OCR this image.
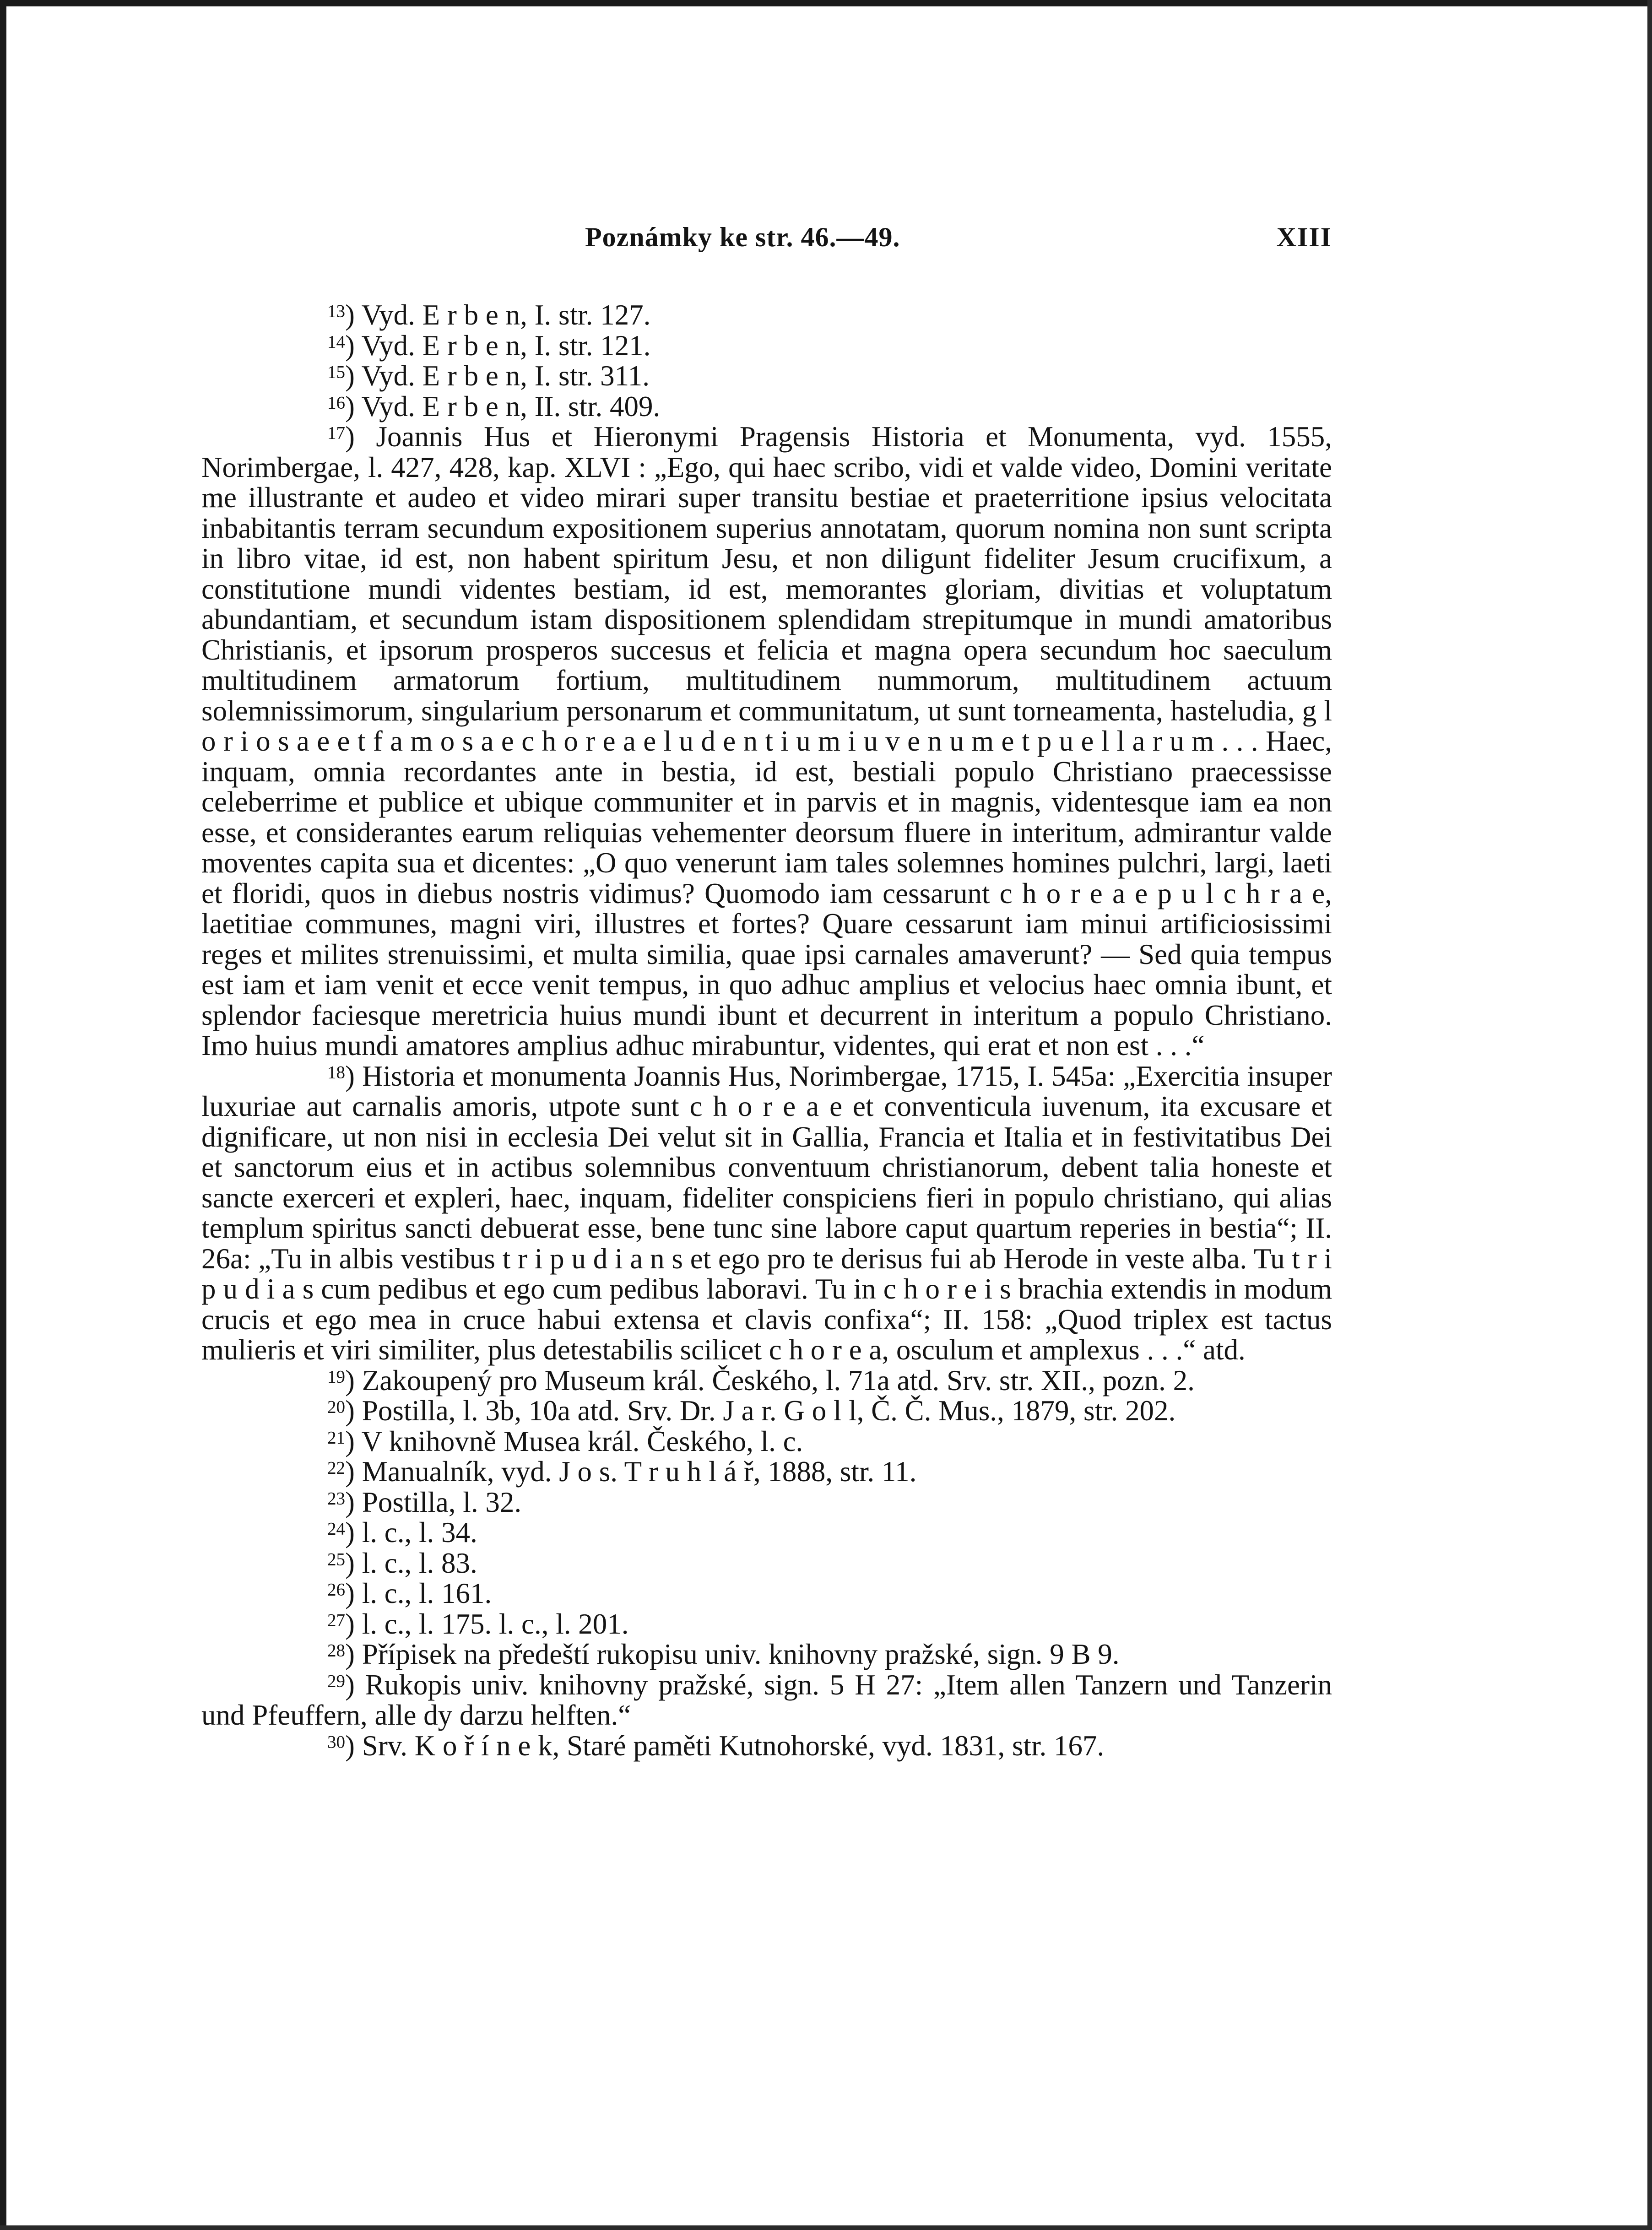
Poznámky ke str. 46.—49.	XIII
$^{13}$) Vyd. E r b e n, I. str. 127.
$^{14}$) Vyd. E r b e n, I. str. 121.
$^{15}$) Vyd. E r b e n, I. str. 311.
$^{16}$) Vyd. E r b e n, II. str. 409.
$^{17}$) Joannis Hus et Hieronymi Pragensis Historia et Monumenta, vyd. 1555, Norimbergae, l. 427, 428, kap. XLVI : „Ego, qui haec scribo, vidi et valde video, Domini veritate me illustrante et audeo et video mirari super transitu bestiae et praeterritione ipsius velocitata inbabitantis terram secundum expositionem superius annotatam, quorum nomina non sunt scripta in libro vitae, id est, non habent spiritum Jesu, et non diligunt fideliter Jesum crucifixum, a constitutione mundi videntes bestiam, id est, memorantes gloriam, divitias et voluptatum abundantiam, et secundum istam dispositionem splendidam strepitumque in mundi amatoribus Christianis, et ipsorum prosperos succesus et felicia et magna opera secundum hoc saeculum multitudinem armatorum fortium, multitudinem nummorum, multitudinem actuum solemnissimorum, singularium personarum et communitatum, ut sunt torneamenta, hasteludia, g l o r i o s a e e t f a m o s a e c h o r e a e l u d e n t i u m i u v e n u m e t p u e l l a r u m . . . Haec, inquam, omnia recordantes ante in bestia, id est, bestiali populo Christiano praecessisse celeberrime et publice et ubique communiter et in parvis et in magnis, videntesque iam ea non esse, et considerantes earum reliquias vehementer deorsum fluere in interitum, admirantur valde moventes capita sua et dicentes: „O quo venerunt iam tales solemnes homines pulchri, largi, laeti et floridi, quos in diebus nostris vidimus? Quomodo iam cessarunt c h o r e a e p u l c h r a e, laetitiae communes, magni viri, illustres et fortes? Quare cessarunt iam minui artificiosissimi reges et milites strenuissimi, et multa similia, quae ipsi carnales amaverunt? — Sed quia tempus est iam et iam venit et ecce venit tempus, in quo adhuc amplius et velocius haec omnia ibunt, et splendor faciesque meretricia huius mundi ibunt et decurrent in interitum a populo Christiano. Imo huius mundi amatores amplius adhuc mirabuntur, videntes, qui erat et non est . . .“
$^{18}$) Historia et monumenta Joannis Hus, Norimbergae, 1715, I. 545a: „Exercitia insuper luxuriae aut carnalis amoris, utpote sunt c h o r e a e et conventicula iuvenum, ita excusare et dignificare, ut non nisi in ecclesia Dei velut sit in Gallia, Francia et Italia et in festivitatibus Dei et sanctorum eius et in actibus solemnibus conventuum christianorum, debent talia honeste et sancte exerceri et expleri, haec, inquam, fideliter conspiciens fieri in populo christiano, qui alias templum spiritus sancti debuerat esse, bene tunc sine labore caput quartum reperies in bestia“; II. 26a: „Tu in albis vestibus t r i p u d i a n s et ego pro te derisus fui ab Herode in veste alba. Tu t r i p u d i a s cum pedibus et ego cum pedibus laboravi. Tu in c h o r e i s brachia extendis in modum crucis et ego mea in cruce habui extensa et clavis confixa“; II. 158: „Quod triplex est tactus mulieris et viri similiter, plus detestabilis scilicet c h o r e a, osculum et amplexus . . .“ atd.
$^{19}$) Zakoupený pro Museum král. Českého, l. 71a atd. Srv. str. XII., pozn. 2.
$^{20}$) Postilla, l. 3b, 10a atd. Srv. Dr. J a r. G o l l, Č. Č. Mus., 1879, str. 202.
$^{21}$) V knihovně Musea král. Českého, l. c.
$^{22}$) Manualník, vyd. J o s. T r u h l á ř, 1888, str. 11.
$^{23}$) Postilla, l. 32.
$^{24}$) l. c., l. 34.
$^{25}$) l. c., l. 83.
$^{26}$) l. c., l. 161.
$^{27}$) l. c., l. 175. l. c., l. 201.
$^{28}$) Přípisek na předeští rukopisu univ. knihovny pražské, sign. 9 B 9.
$^{29}$) Rukopis univ. knihovny pražské, sign. 5 H 27: „Item allen Tanzern und Tanzerin und Pfeuffern, alle dy darzu helften.“
$^{30}$) Srv. K o ř í n e k, Staré paměti Kutnohorské, vyd. 1831, str. 167.
